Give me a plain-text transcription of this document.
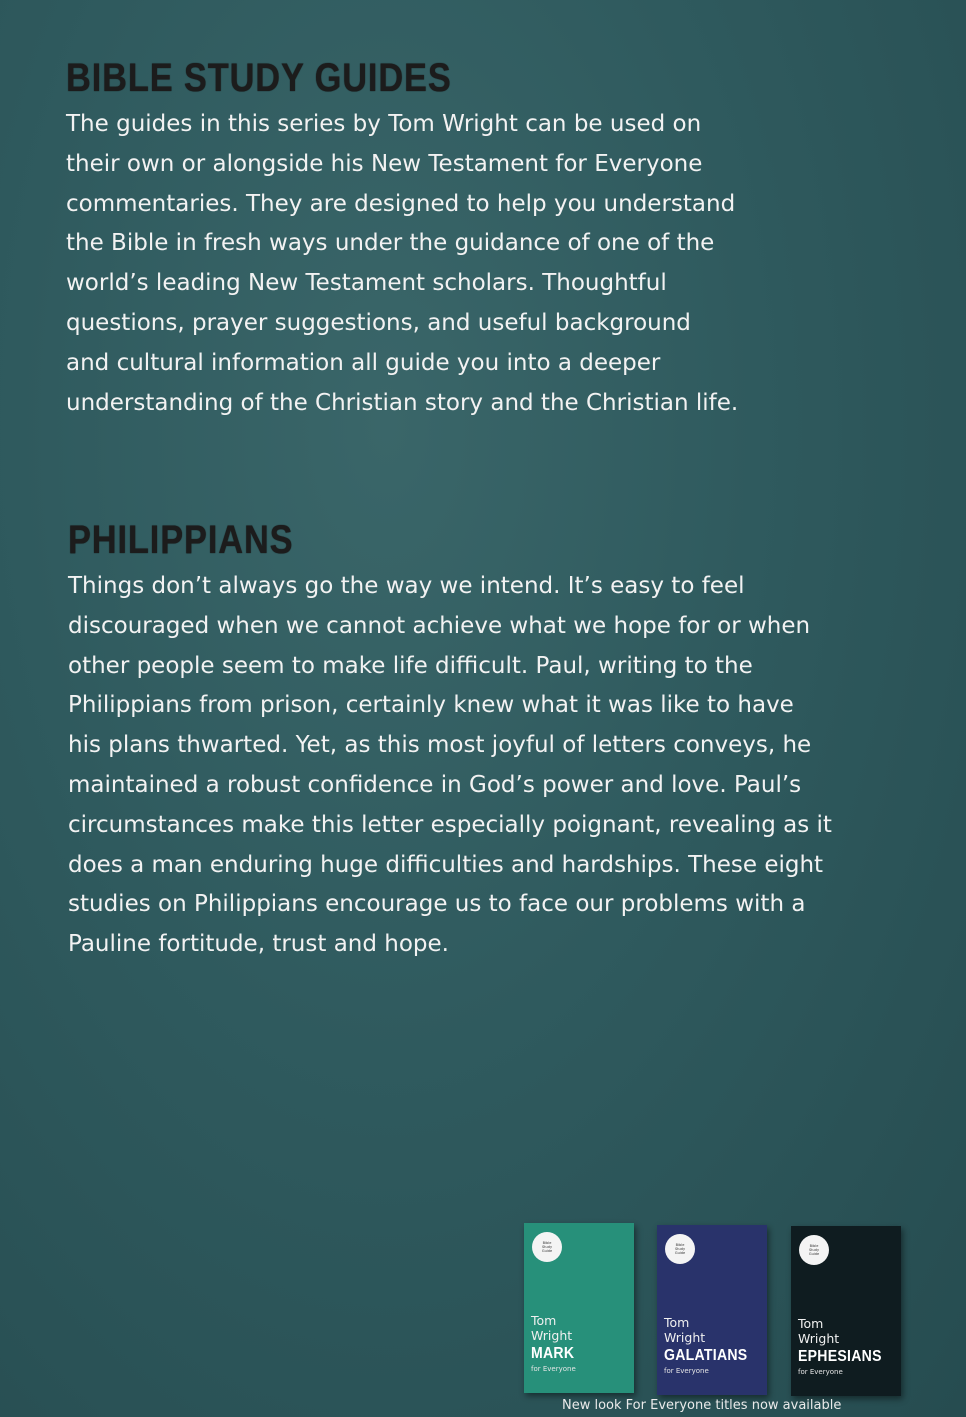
BIBLE STUDY GUIDES

The guides in this series by Tom Wright can be used on
their own or alongside his New Testament for Everyone
commentaries. They are designed to help you understand
the Bible in fresh ways under the guidance of one of the
world’s leading New Testament scholars. Thoughtful
questions, prayer suggestions, and useful background
and cultural information all guide you into a deeper
understanding of the Christian story and the Christian life.

PHILIPPIANS

Things don’t always go the way we intend. It’s easy to feel
discouraged when we cannot achieve what we hope for or when
other people seem to make life difficult. Paul, writing to the
Philippians from prison, certainly knew what it was like to have
his plans thwarted. Yet, as this most joyful of letters conveys, he
maintained a robust confidence in God’s power and love. Paul’s
circumstances make this letter especially poignant, revealing as it
does a man enduring huge difficulties and hardships. These eight
studies on Philippians encourage us to face our problems with a
Pauline fortitude, trust and hope.

Bible
Study
Guide
Tom
Wright
MARK
for Everyone
Bible
Study
Guide
Tom
Wright
GALATIANS
for Everyone
Bible
Study
Guide
Tom
Wright
EPHESIANS
for Everyone
New look For Everyone titles now available
